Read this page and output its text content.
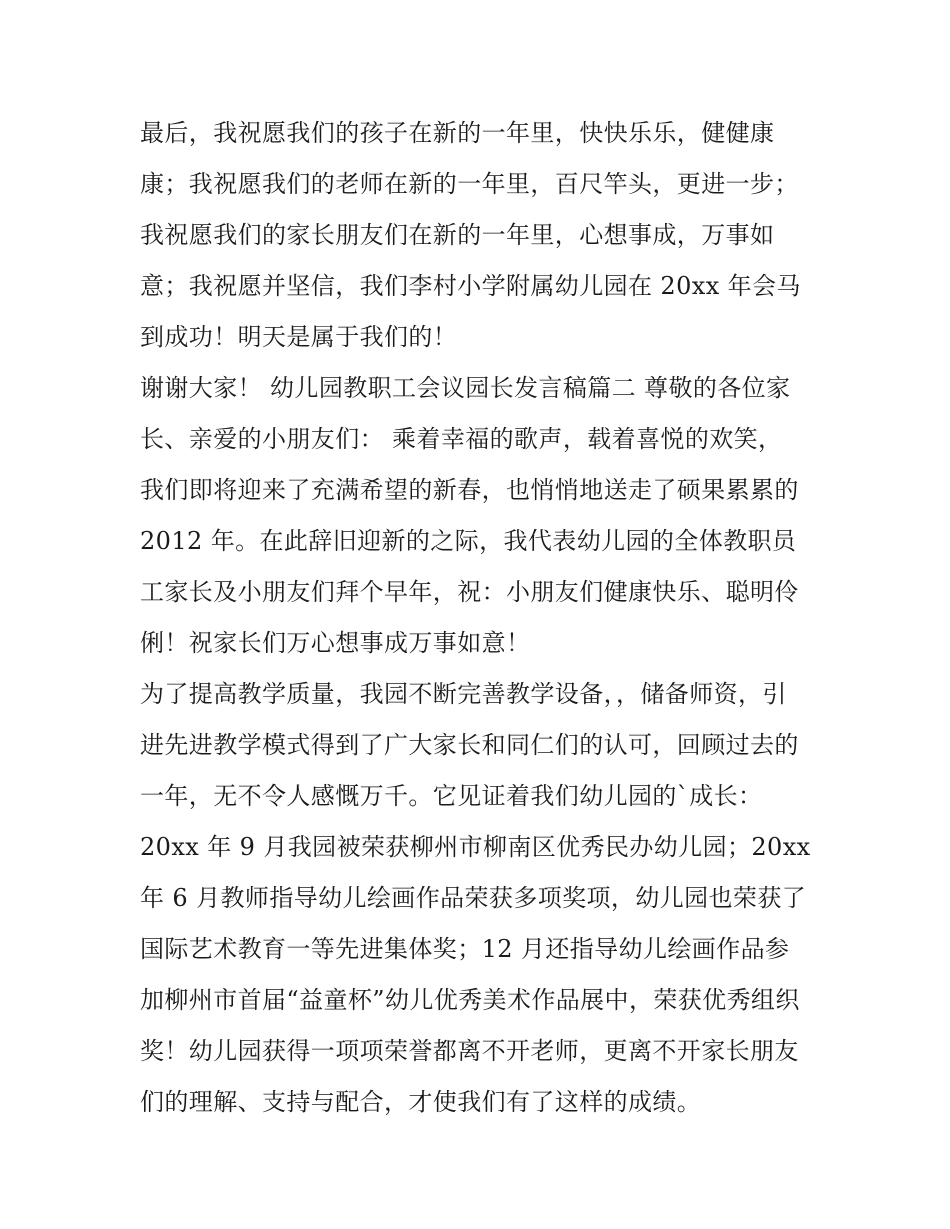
最后，我祝愿我们的孩子在新的一年里，快快乐乐，健健康
康；我祝愿我们的老师在新的一年里，百尺竿头，更进一步；
我祝愿我们的家长朋友们在新的一年里，心想事成，万事如
意；我祝愿并坚信，我们李村小学附属幼儿园在 20xx 年会马
到成功！明天是属于我们的！
谢谢大家！ 幼儿园教职工会议园长发言稿篇二 尊敬的各位家
长、亲爱的小朋友们： 乘着幸福的歌声，载着喜悦的欢笑，
我们即将迎来了充满希望的新春，也悄悄地送走了硕果累累的
2012 年。在此辞旧迎新的之际，我代表幼儿园的全体教职员
工家长及小朋友们拜个早年，祝：小朋友们健康快乐、聪明伶
俐！祝家长们万心想事成万事如意！
为了提高教学质量，我园不断完善教学设备，，储备师资，引
进先进教学模式得到了广大家长和同仁们的认可，回顾过去的
一年，无不令人感慨万千。它见证着我们幼儿园的`成长：
20xx 年 9 月我园被荣获柳州市柳南区优秀民办幼儿园；20xx
年 6 月教师指导幼儿绘画作品荣获多项奖项，幼儿园也荣获了
国际艺术教育一等先进集体奖；12 月还指导幼儿绘画作品参
加柳州市首届“益童杯”幼儿优秀美术作品展中，荣获优秀组织
奖！幼儿园获得一项项荣誉都离不开老师，更离不开家长朋友
们的理解、支持与配合，才使我们有了这样的成绩。
